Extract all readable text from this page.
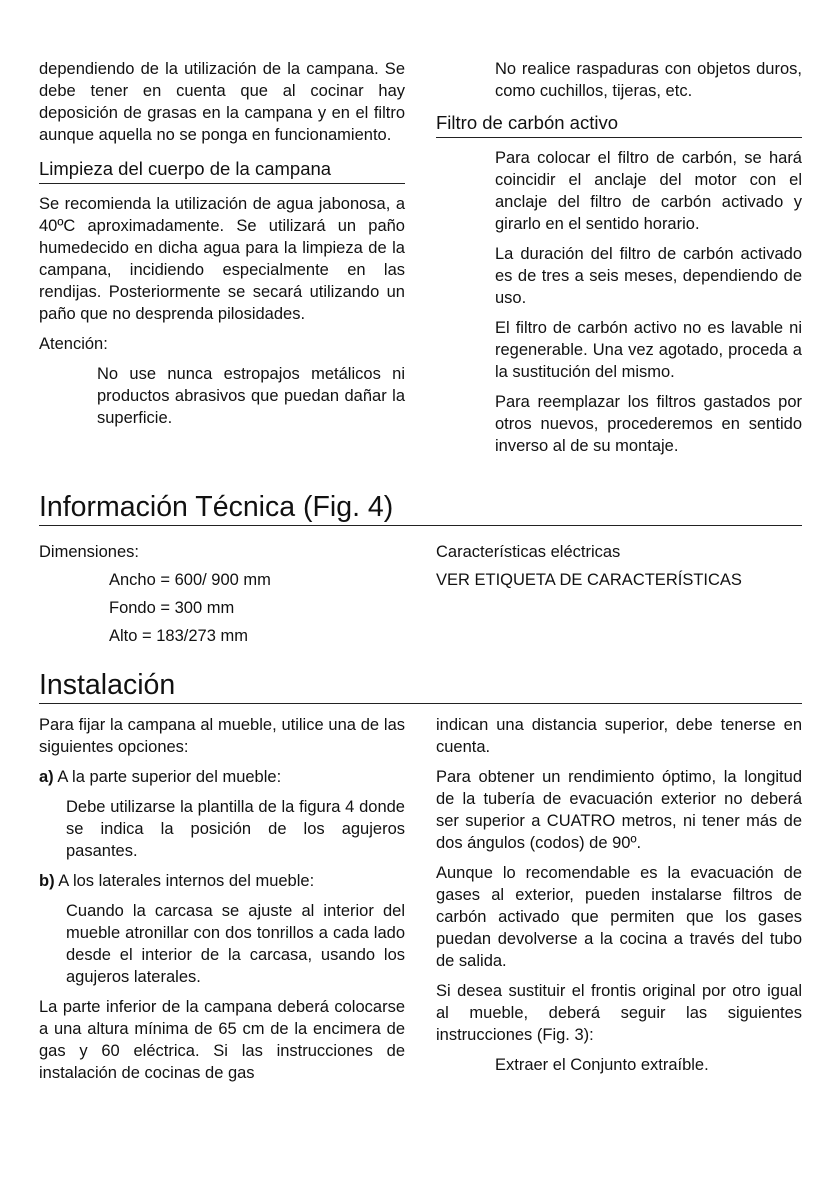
dependiendo de la utilización de la campana. Se debe tener en cuenta que al cocinar hay deposición de grasas en la campana y en el filtro aunque aquella no se ponga en funcionamiento.

Limpieza del cuerpo de la campana

Se recomienda la utilización de agua jabonosa, a 40ºC aproximadamente. Se utilizará un paño humedecido en dicha agua para la limpieza de la campana, incidiendo especialmente en las rendijas. Posteriormente se secará utilizando un paño que no desprenda pilosidades.

Atención:

No use nunca estropajos metálicos ni productos abrasivos que puedan dañar la superficie.

No realice raspaduras con objetos duros, como cuchillos, tijeras, etc.

Filtro de carbón activo

Para colocar el filtro de carbón, se hará coincidir el anclaje del motor con el anclaje del filtro de carbón activado y girarlo en el sentido horario.

La duración del filtro de carbón activado es de tres a seis meses, dependiendo de uso.

El filtro de carbón activo no es lavable ni regenerable. Una vez agotado, proceda a la sustitución del mismo.

Para reemplazar los filtros gastados por otros nuevos, procederemos en sentido inverso al de su montaje.

Información Técnica (Fig. 4)
Dimensiones:
Ancho = 600/ 900 mm
Fondo = 300 mm
Alto = 183/273 mm
Características eléctricas
VER ETIQUETA DE CARACTERÍSTICAS
Instalación

Para fijar la campana al mueble, utilice una de las siguientes opciones:

a) A la parte superior del mueble:

Debe utilizarse la plantilla de la figura 4 donde se indica la posición de los agujeros pasantes.

b) A los laterales internos del mueble:

Cuando la carcasa se ajuste al interior del mueble atronillar con dos tonrillos a cada lado desde el interior de la carcasa, usando los agujeros laterales.

La parte inferior de la campana deberá colocarse a una altura mínima de 65 cm de la encimera de gas y 60 eléctrica. Si las instrucciones de instalación de cocinas de gas

indican una distancia superior, debe tenerse en cuenta.

Para obtener un rendimiento óptimo, la longitud de la tubería de evacuación exterior no deberá ser superior a CUATRO metros, ni tener más de dos ángulos (codos) de 90º.

Aunque lo recomendable es la evacuación de gases al exterior, pueden instalarse filtros de carbón activado que permiten que los gases puedan devolverse a la cocina a través del tubo de salida.

Si desea sustituir el frontis original por otro igual al mueble, deberá seguir las siguientes instrucciones (Fig. 3):

Extraer el Conjunto extraíble.
